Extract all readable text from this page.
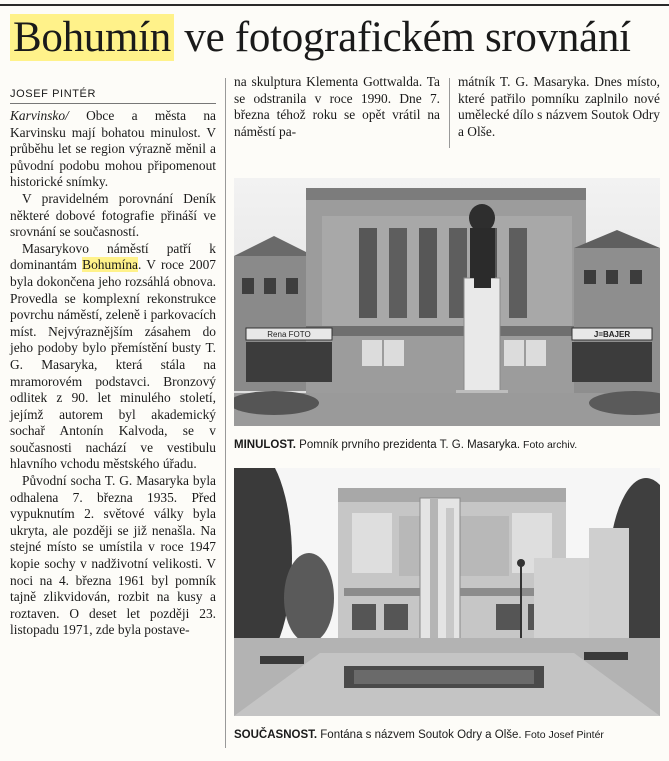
Bohumín ve fotografickém srovnání
JOSEF PINTÉR

Karvinsko/ Obce a města na Karvinsku mají bohatou minulost. V průběhu let se region výrazně měnil a původní podobu mohou připomenout historické snímky.

V pravidelném porovnání Deník některé dobové fotografie přináší ve srovnání se současností.

Masarykovo náměstí patří k dominantám Bohumína. V roce 2007 byla dokončena jeho rozsáhlá obnova. Provedla se komplexní rekonstrukce povrchu náměstí, zeleně i parkovacích míst. Nejvýraznějším zásahem do jeho podoby bylo přemístění busty T. G. Masaryka, která stála na mramorovém podstavci. Bronzový odlitek z 90. let minulého století, jejímž autorem byl akademický sochař Antonín Kalvoda, se v současnosti nachází ve vestibulu hlavního vchodu městského úřadu.

Původní socha T. G. Masaryka byla odhalena 7. března 1935. Před vypuknutím 2. světové války byla ukryta, ale později se již nenašla. Na stejné místo se umístila v roce 1947 kopie sochy v nadživotní velikosti. V noci na 4. března 1961 byl pomník tajně zlikvidován, rozbit na kusy a roztaven. O deset let později 23. listopadu 1971, zde byla postave-

na skulptura Klementa Gottwalda. Ta se odstranila v roce 1990. Dne 7. března téhož roku se opět vrátil na náměstí pa-

mátník T. G. Masaryka. Dnes místo, které patřilo pomníku zaplnilo nové umělecké dílo s názvem Soutok Odry a Olše.

Rena FOTO	J=BAJER
MINULOST. Pomník prvního prezidenta T. G. Masaryka. Foto archiv.
SOUČASNOST. Fontána s názvem Soutok Odry a Olše. Foto Josef Pintér
